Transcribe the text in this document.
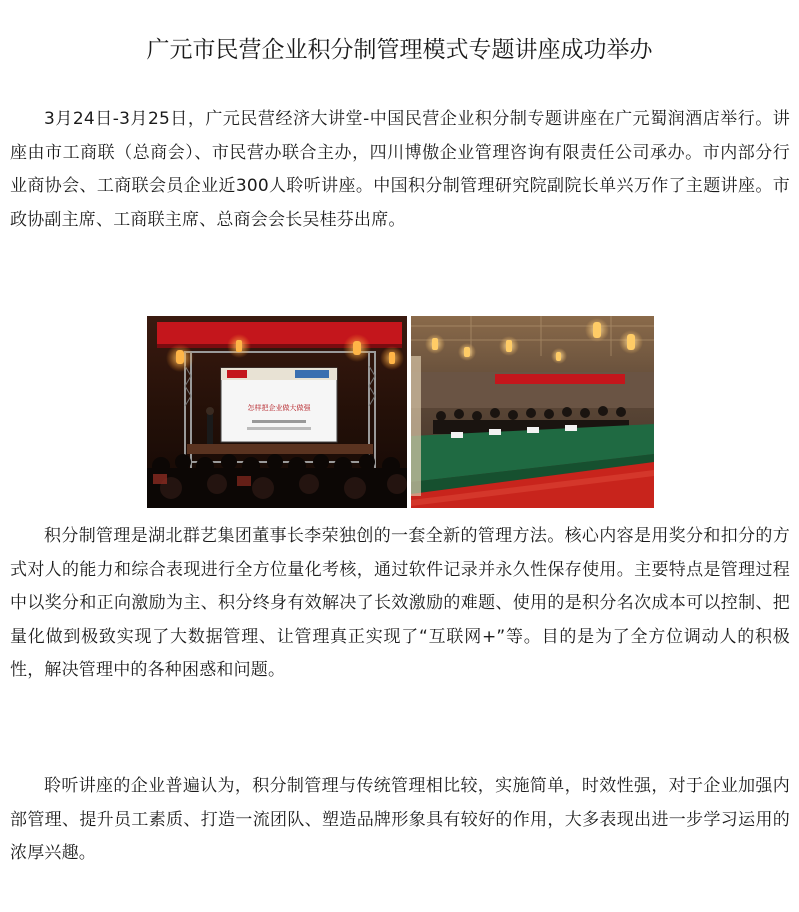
广元市民营企业积分制管理模式专题讲座成功举办

3月24日-3月25日，广元民营经济大讲堂-中国民营企业积分制专题讲座在广元蜀润酒店举行。讲座由市工商联（总商会）、市民营办联合主办，四川博傲企业管理咨询有限责任公司承办。市内部分行业商协会、工商联会员企业近300人聆听讲座。中国积分制管理研究院副院长单兴万作了主题讲座。市政协副主席、工商联主席、总商会会长吴桂芬出席。

怎样把企业做大做强

积分制管理是湖北群艺集团董事长李荣独创的一套全新的管理方法。核心内容是用奖分和扣分的方式对人的能力和综合表现进行全方位量化考核，通过软件记录并永久性保存使用。主要特点是管理过程中以奖分和正向激励为主、积分终身有效解决了长效激励的难题、使用的是积分名次成本可以控制、把量化做到极致实现了大数据管理、让管理真正实现了“互联网+”等。目的是为了全方位调动人的积极性，解决管理中的各种困惑和问题。

聆听讲座的企业普遍认为，积分制管理与传统管理相比较，实施简单，时效性强，对于企业加强内部管理、提升员工素质、打造一流团队、塑造品牌形象具有较好的作用，大多表现出进一步学习运用的浓厚兴趣。
